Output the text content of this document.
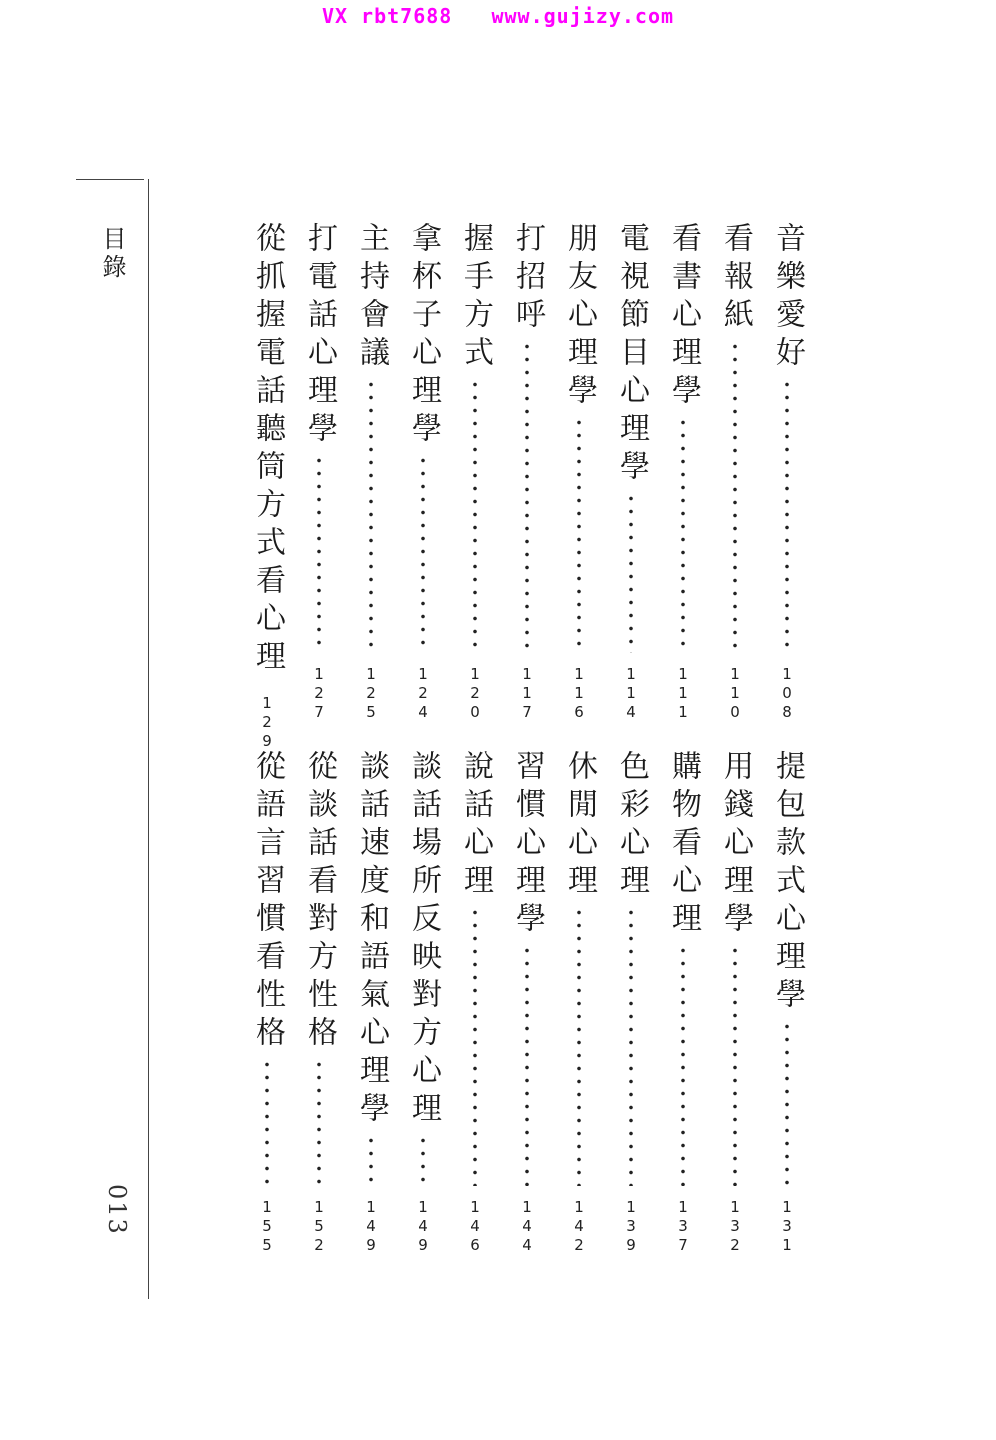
VX rbt7688   www.gujizy.com
目錄
013
音樂愛好
108
看報紙
110
看書心理學
111
電視節目心理學
114
朋友心理學
116
打招呼
117
握手方式
120
拿杯子心理學
124
主持會議
125
打電話心理學
127
從抓握電話聽筒方式看心理
129
提包款式心理學
131
用錢心理學
132
購物看心理
137
色彩心理
139
休閒心理
142
習慣心理學
144
說話心理
146
談話場所反映對方心理
149
談話速度和語氣心理學
149
從談話看對方性格
152
從語言習慣看性格
155
